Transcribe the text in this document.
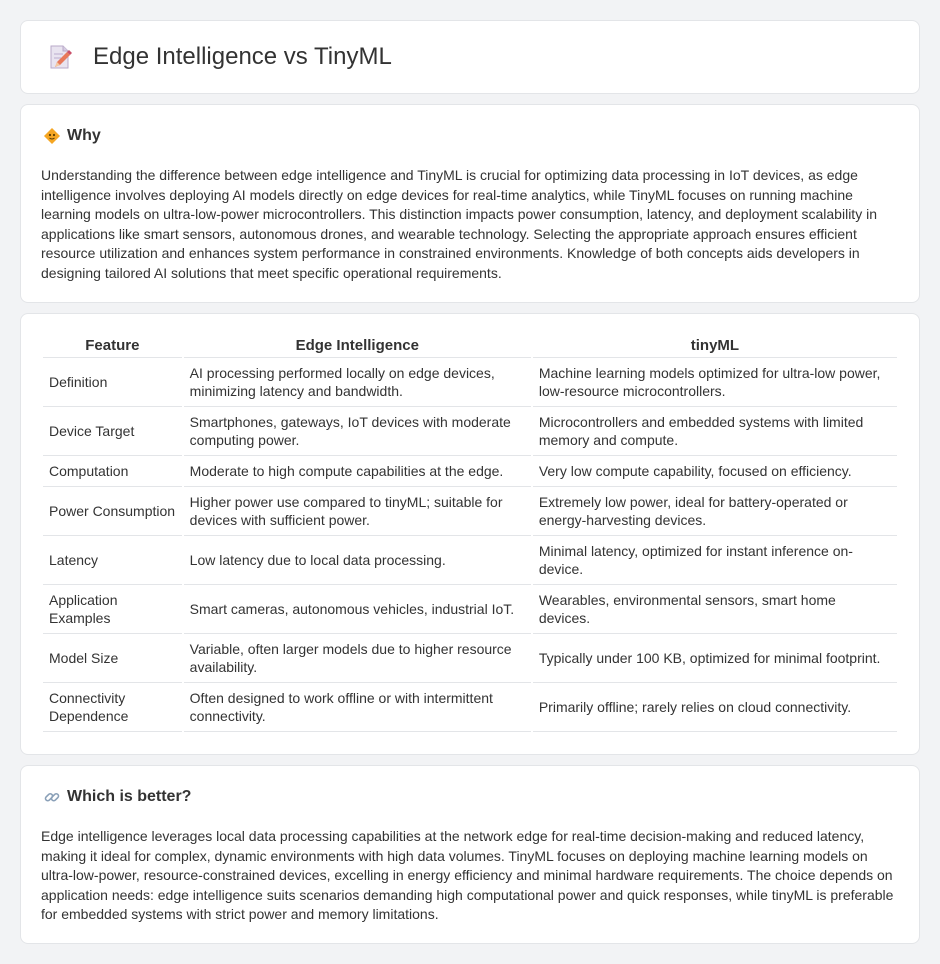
Edge Intelligence vs TinyML
Why

Understanding the difference between edge intelligence and TinyML is crucial for optimizing data processing in IoT devices, as edge intelligence involves deploying AI models directly on edge devices for real-time analytics, while TinyML focuses on running machine learning models on ultra-low-power microcontrollers. This distinction impacts power consumption, latency, and deployment scalability in applications like smart sensors, autonomous drones, and wearable technology. Selecting the appropriate approach ensures efficient resource utilization and enhances system performance in constrained environments. Knowledge of both concepts aids developers in designing tailored AI solutions that meet specific operational requirements.

Feature	Edge Intelligence	tinyML
Definition	AI processing performed locally on edge devices, minimizing latency and bandwidth.	Machine learning models optimized for ultra-low power, low-resource microcontrollers.
Device Target	Smartphones, gateways, IoT devices with moderate computing power.	Microcontrollers and embedded systems with limited memory and compute.
Computation	Moderate to high compute capabilities at the edge.	Very low compute capability, focused on efficiency.
Power Consumption	Higher power use compared to tinyML; suitable for devices with sufficient power.	Extremely low power, ideal for battery-operated or energy-harvesting devices.
Latency	Low latency due to local data processing.	Minimal latency, optimized for instant inference on-device.
Application Examples	Smart cameras, autonomous vehicles, industrial IoT.	Wearables, environmental sensors, smart home devices.
Model Size	Variable, often larger models due to higher resource availability.	Typically under 100 KB, optimized for minimal footprint.
Connectivity Dependence	Often designed to work offline or with intermittent connectivity.	Primarily offline; rarely relies on cloud connectivity.
Which is better?

Edge intelligence leverages local data processing capabilities at the network edge for real-time decision-making and reduced latency, making it ideal for complex, dynamic environments with high data volumes. TinyML focuses on deploying machine learning models on ultra-low-power, resource-constrained devices, excelling in energy efficiency and minimal hardware requirements. The choice depends on application needs: edge intelligence suits scenarios demanding high computational power and quick responses, while tinyML is preferable for embedded systems with strict power and memory limitations.
